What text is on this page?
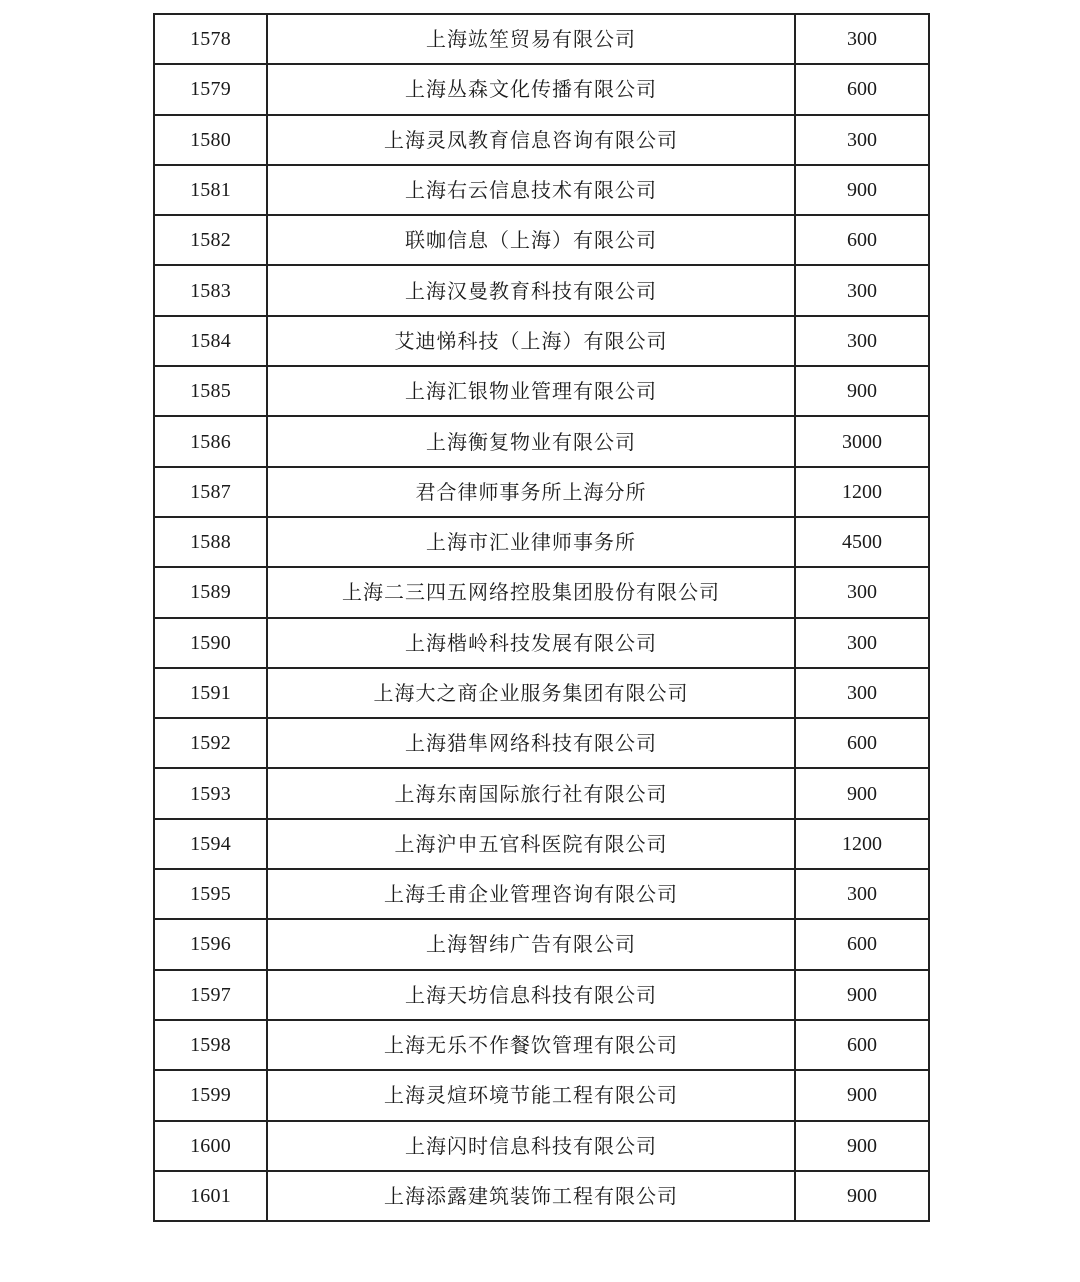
1578	上海竑笙贸易有限公司	300
1579	上海丛森文化传播有限公司	600
1580	上海灵凤教育信息咨询有限公司	300
1581	上海右云信息技术有限公司	900
1582	联咖信息（上海）有限公司	600
1583	上海汉曼教育科技有限公司	300
1584	艾迪悌科技（上海）有限公司	300
1585	上海汇银物业管理有限公司	900
1586	上海衡复物业有限公司	3000
1587	君合律师事务所上海分所	1200
1588	上海市汇业律师事务所	4500
1589	上海二三四五网络控股集团股份有限公司	300
1590	上海楷岭科技发展有限公司	300
1591	上海大之商企业服务集团有限公司	300
1592	上海猎隼网络科技有限公司	600
1593	上海东南国际旅行社有限公司	900
1594	上海沪申五官科医院有限公司	1200
1595	上海壬甫企业管理咨询有限公司	300
1596	上海智纬广告有限公司	600
1597	上海天坊信息科技有限公司	900
1598	上海无乐不作餐饮管理有限公司	600
1599	上海灵煊环境节能工程有限公司	900
1600	上海闪时信息科技有限公司	900
1601	上海添露建筑装饰工程有限公司	900
